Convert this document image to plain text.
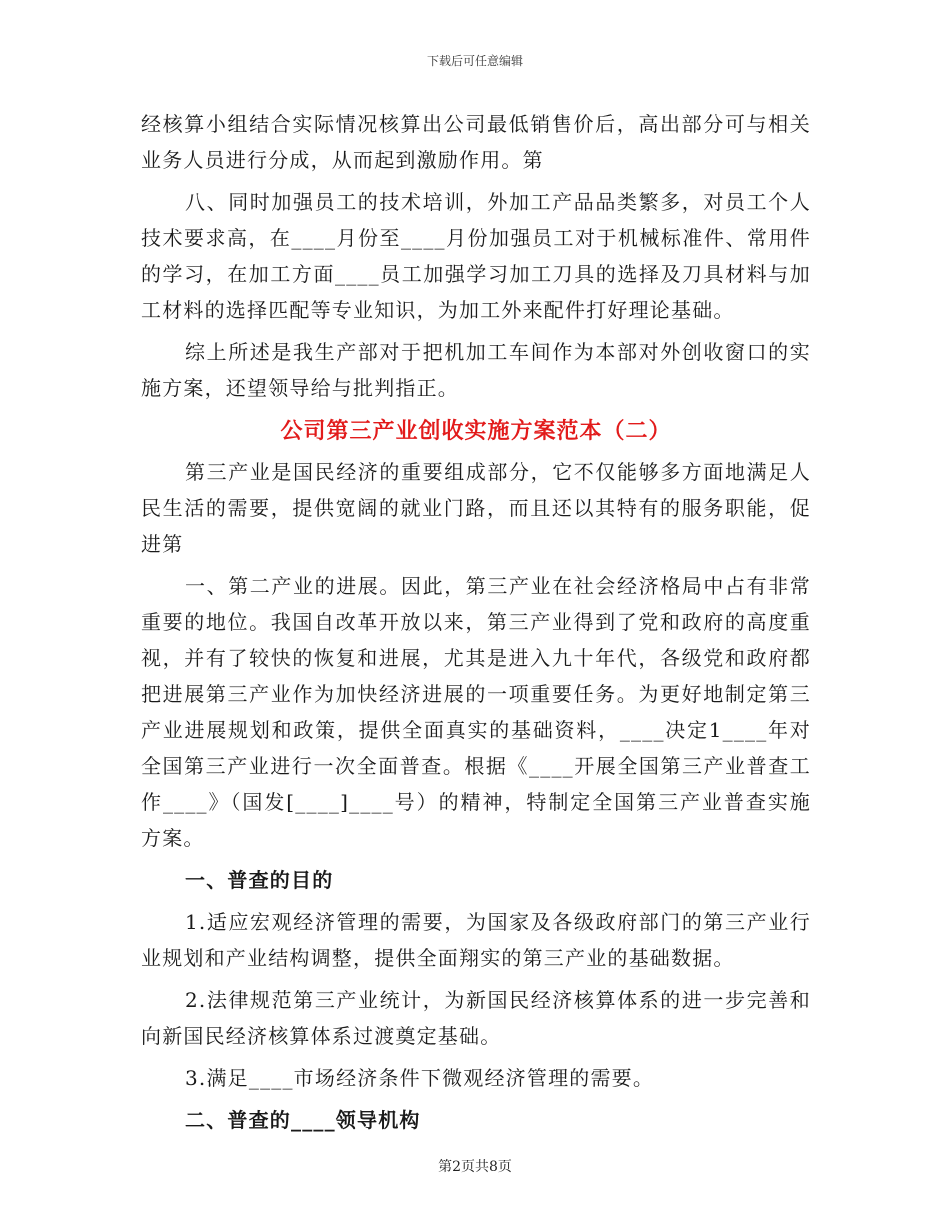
下载后可任意编辑

经核算小组结合实际情况核算出公司最低销售价后，高出部分可与相关业务人员进行分成，从而起到激励作用。第

八、同时加强员工的技术培训，外加工产品品类繁多，对员工个人技术要求高，在____月份至____月份加强员工对于机械标准件、常用件的学习，在加工方面____员工加强学习加工刀具的选择及刀具材料与加工材料的选择匹配等专业知识，为加工外来配件打好理论基础。

综上所述是我生产部对于把机加工车间作为本部对外创收窗口的实施方案，还望领导给与批判指正。

公司第三产业创收实施方案范本（二）

第三产业是国民经济的重要组成部分，它不仅能够多方面地满足人民生活的需要，提供宽阔的就业门路，而且还以其特有的服务职能，促进第

一、第二产业的进展。因此，第三产业在社会经济格局中占有非常重要的地位。我国自改革开放以来，第三产业得到了党和政府的高度重视，并有了较快的恢复和进展，尤其是进入九十年代，各级党和政府都把进展第三产业作为加快经济进展的一项重要任务。为更好地制定第三产业进展规划和政策，提供全面真实的基础资料，____决定1____年对全国第三产业进行一次全面普查。根据《____开展全国第三产业普查工作____》（国发[____]____号）的精神，特制定全国第三产业普查实施方案。

一、普查的目的

1.适应宏观经济管理的需要，为国家及各级政府部门的第三产业行业规划和产业结构调整，提供全面翔实的第三产业的基础数据。

2.法律规范第三产业统计，为新国民经济核算体系的进一步完善和向新国民经济核算体系过渡奠定基础。

3.满足____市场经济条件下微观经济管理的需要。

二、普查的____领导机构

第2页共8页
